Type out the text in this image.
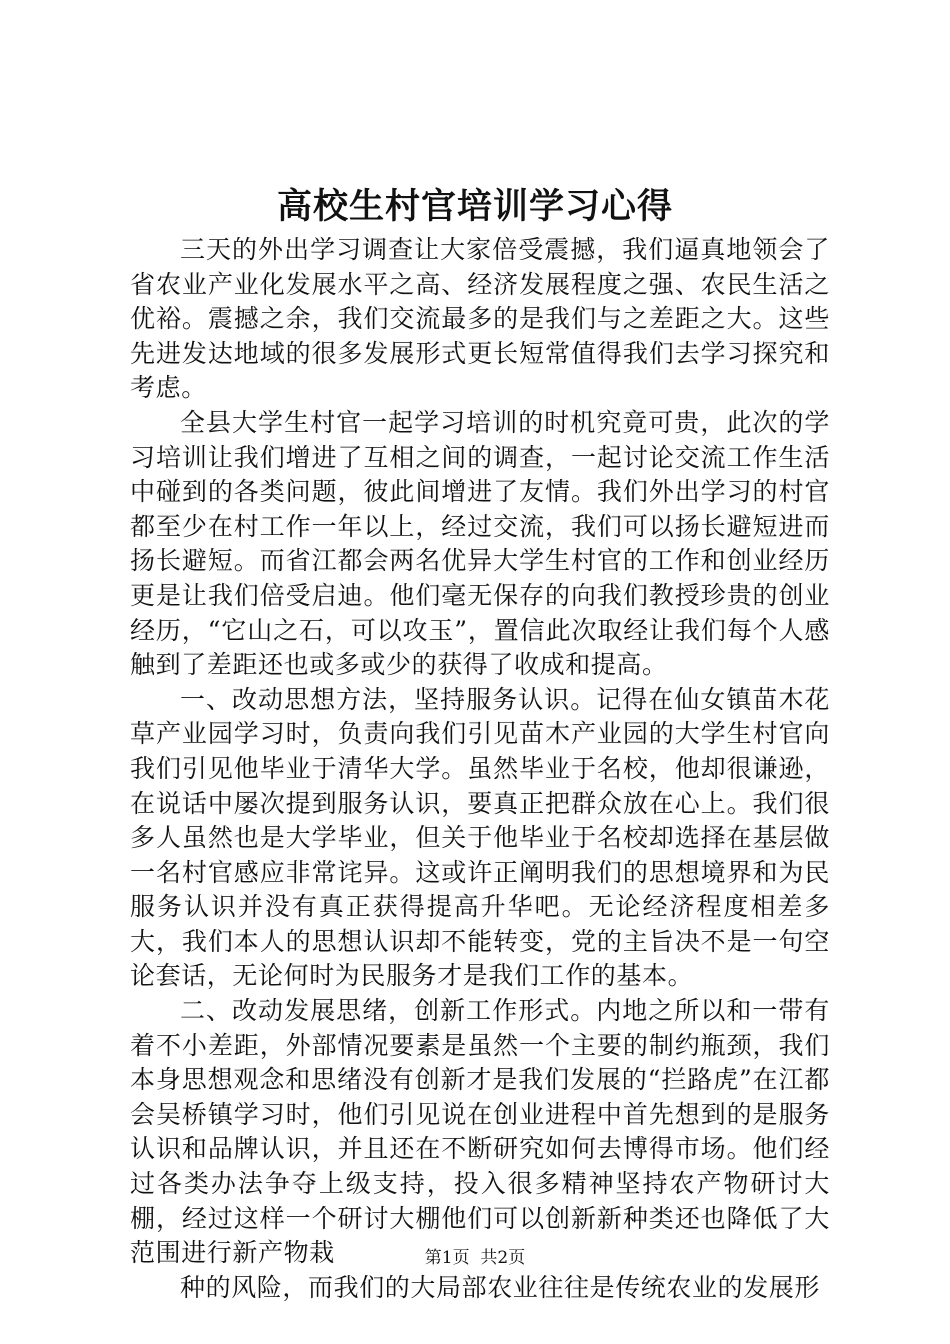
高校生村官培训学习心得

三天的外出学习调查让大家倍受震撼，我们逼真地领会了省农业产业化发展水平之高、经济发展程度之强、农民生活之优裕。震撼之余，我们交流最多的是我们与之差距之大。这些先进发达地域的很多发展形式更长短常值得我们去学习探究和考虑。

全县大学生村官一起学习培训的时机究竟可贵，此次的学习培训让我们增进了互相之间的调查，一起讨论交流工作生活中碰到的各类问题，彼此间增进了友情。我们外出学习的村官都至少在村工作一年以上，经过交流，我们可以扬长避短进而扬长避短。而省江都会两名优异大学生村官的工作和创业经历更是让我们倍受启迪。他们毫无保存的向我们教授珍贵的创业经历，“它山之石，可以攻玉”，置信此次取经让我们每个人感触到了差距还也或多或少的获得了收成和提高。

一、改动思想方法，坚持服务认识。记得在仙女镇苗木花草产业园学习时，负责向我们引见苗木产业园的大学生村官向我们引见他毕业于清华大学。虽然毕业于名校，他却很谦逊，在说话中屡次提到服务认识，要真正把群众放在心上。我们很多人虽然也是大学毕业，但关于他毕业于名校却选择在基层做一名村官感应非常诧异。这或许正阐明我们的思想境界和为民服务认识并没有真正获得提高升华吧。无论经济程度相差多大，我们本人的思想认识却不能转变，党的主旨决不是一句空论套话，无论何时为民服务才是我们工作的基本。

二、改动发展思绪，创新工作形式。内地之所以和一带有着不小差距，外部情况要素是虽然一个主要的制约瓶颈，我们本身思想观念和思绪没有创新才是我们发展的“拦路虎”在江都会吴桥镇学习时，他们引见说在创业进程中首先想到的是服务认识和品牌认识，并且还在不断研究如何去博得市场。他们经过各类办法争夺上级支持，投入很多精神坚持农产物研讨大棚，经过这样一个研讨大棚他们可以创新新种类还也降低了大范围进行新产物栽

种的风险，而我们的大局部农业往往是传统农业的发展形

第1页  共2页
